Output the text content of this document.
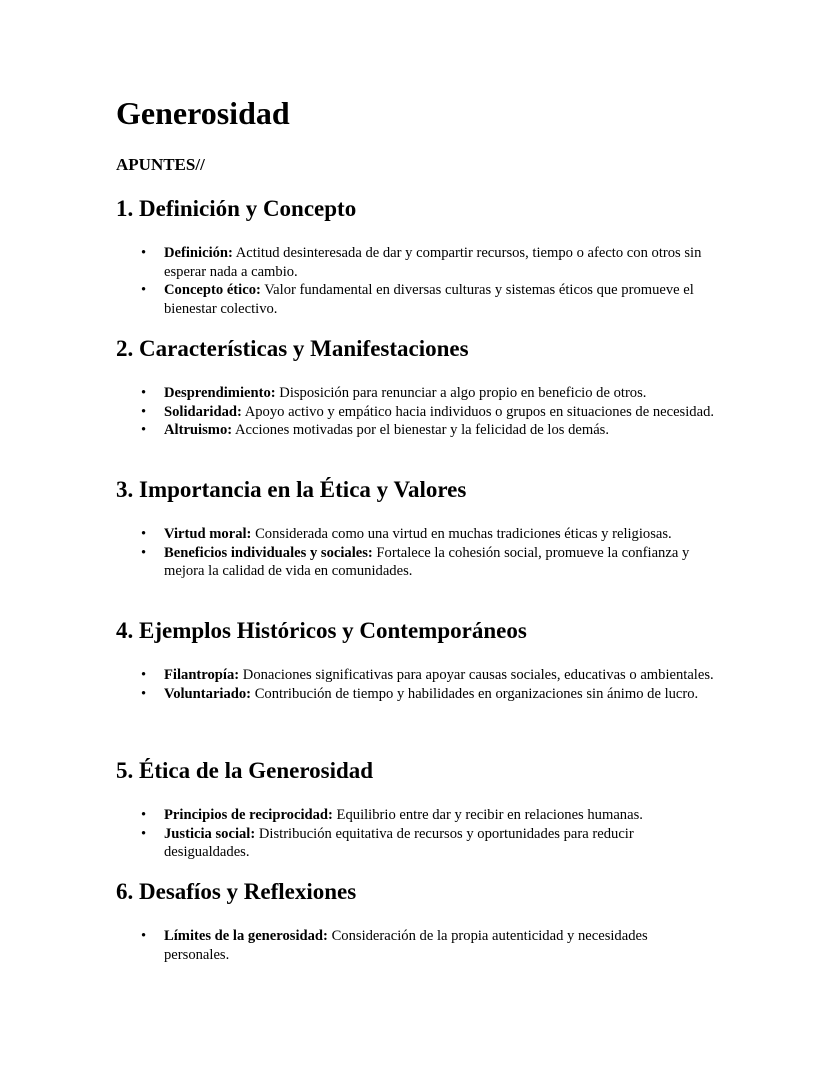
Generosidad

APUNTES//

1. Definición y Concepto
• Definición: Actitud desinteresada de dar y compartir recursos, tiempo o afecto con otros sin esperar nada a cambio.
• Concepto ético: Valor fundamental en diversas culturas y sistemas éticos que promueve el bienestar colectivo.
2. Características y Manifestaciones
• Desprendimiento: Disposición para renunciar a algo propio en beneficio de otros.
• Solidaridad: Apoyo activo y empático hacia individuos o grupos en situaciones de necesidad.
• Altruismo: Acciones motivadas por el bienestar y la felicidad de los demás.
3. Importancia en la Ética y Valores
• Virtud moral: Considerada como una virtud en muchas tradiciones éticas y religiosas.
• Beneficios individuales y sociales: Fortalece la cohesión social, promueve la confianza y mejora la calidad de vida en comunidades.
4. Ejemplos Históricos y Contemporáneos
• Filantropía: Donaciones significativas para apoyar causas sociales, educativas o ambientales.
• Voluntariado: Contribución de tiempo y habilidades en organizaciones sin ánimo de lucro.
5. Ética de la Generosidad
• Principios de reciprocidad: Equilibrio entre dar y recibir en relaciones humanas.
• Justicia social: Distribución equitativa de recursos y oportunidades para reducir desigualdades.
6. Desafíos y Reflexiones
• Límites de la generosidad: Consideración de la propia autenticidad y necesidades personales.
